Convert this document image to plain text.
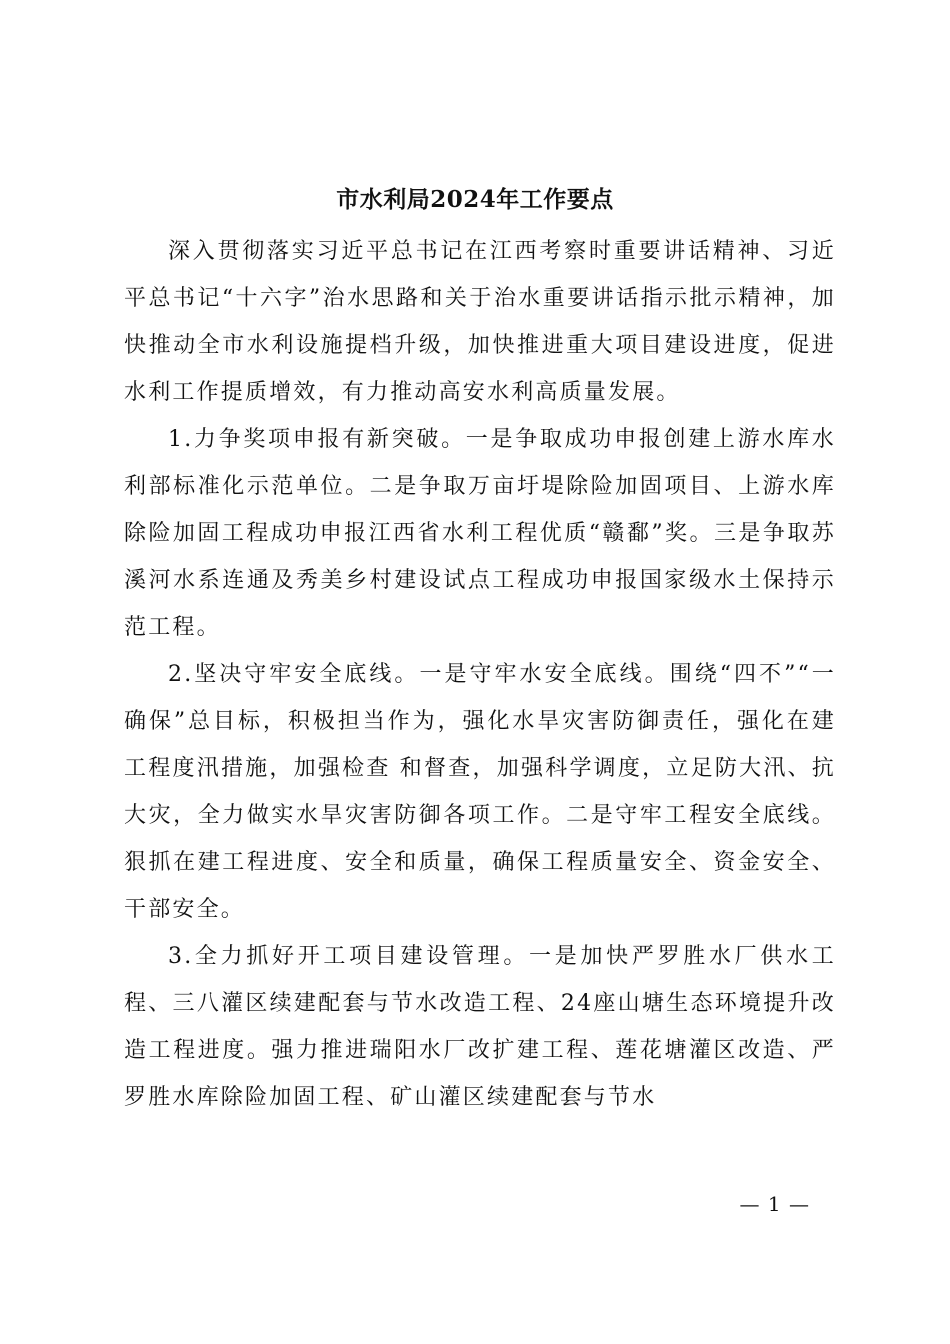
市水利局2024年工作要点

深入贯彻落实习近平总书记在江西考察时重要讲话精神、习近平总书记“十六字”治水思路和关于治水重要讲话指示批示精神，加快推动全市水利设施提档升级，加快推进重大项目建设进度，促进水利工作提质增效，有力推动高安水利高质量发展。

1.力争奖项申报有新突破。一是争取成功申报创建上游水库水利部标准化示范单位。二是争取万亩圩堤除险加固项目、上游水库除险加固工程成功申报江西省水利工程优质“赣鄱”奖。三是争取苏溪河水系连通及秀美乡村建设试点工程成功申报国家级水土保持示范工程。

2.坚决守牢安全底线。一是守牢水安全底线。围绕“四不”“一确保”总目标，积极担当作为，强化水旱灾害防御责任，强化在建工程度汛措施，加强检查 和督查，加强科学调度，立足防大汛、抗大灾，全力做实水旱灾害防御各项工作。二是守牢工程安全底线。狠抓在建工程进度、安全和质量，确保工程质量安全、资金安全、干部安全。

3.全力抓好开工项目建设管理。一是加快严罗胜水厂供水工程、三八灌区续建配套与节水改造工程、24座山塘生态环境提升改造工程进度。强力推进瑞阳水厂改扩建工程、莲花塘灌区改造、严罗胜水库除险加固工程、矿山灌区续建配套与节水

— 1 —
